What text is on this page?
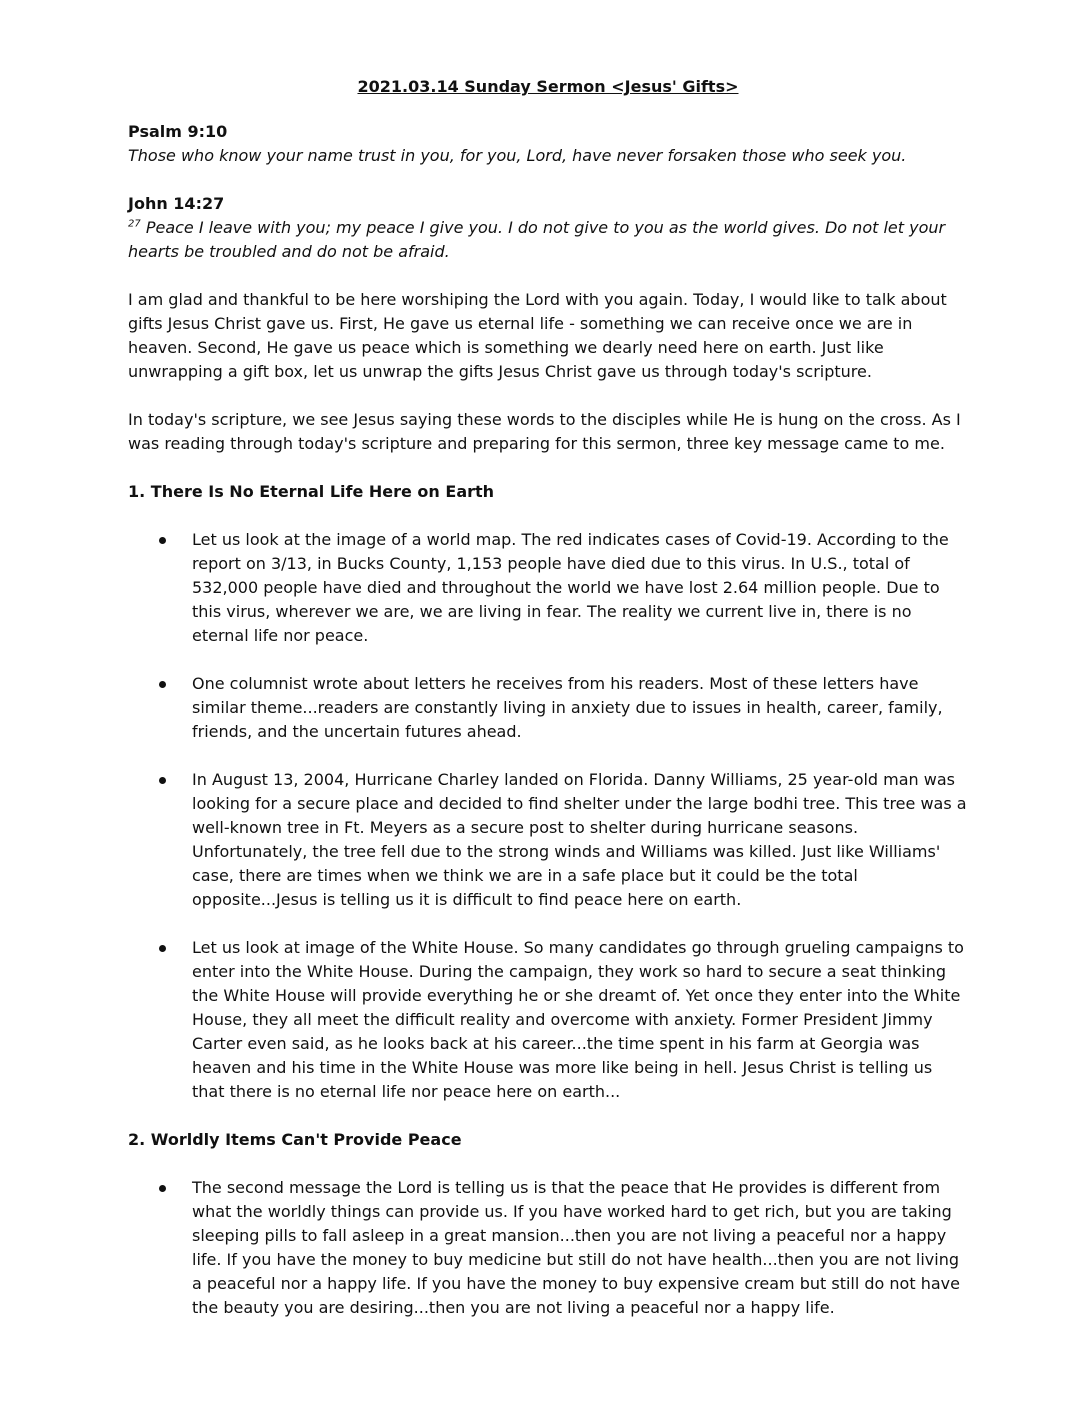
2021.03.14 Sunday Sermon <Jesus' Gifts>

Psalm 9:10

Those who know your name trust in you, for you, Lord, have never forsaken those who seek you.

John 14:27

$^{27}$ Peace I leave with you; my peace I give you. I do not give to you as the world gives. Do not let your hearts be troubled and do not be afraid.

I am glad and thankful to be here worshiping the Lord with you again. Today, I would like to talk about gifts Jesus Christ gave us. First, He gave us eternal life - something we can receive once we are in heaven. Second, He gave us peace which is something we dearly need here on earth. Just like unwrapping a gift box, let us unwrap the gifts Jesus Christ gave us through today's scripture.

In today's scripture, we see Jesus saying these words to the disciples while He is hung on the cross. As I was reading through today's scripture and preparing for this sermon, three key message came to me.

1. There Is No Eternal Life Here on Earth
Let us look at the image of a world map. The red indicates cases of Covid-19. According to the report on 3/13, in Bucks County, 1,153 people have died due to this virus. In U.S., total of 532,000 people have died and throughout the world we have lost 2.64 million people. Due to this virus, wherever we are, we are living in fear. The reality we current live in, there is no eternal life nor peace.
One columnist wrote about letters he receives from his readers. Most of these letters have similar theme...readers are constantly living in anxiety due to issues in health, career, family, friends, and the uncertain futures ahead.
In August 13, 2004, Hurricane Charley landed on Florida. Danny Williams, 25 year-old man was looking for a secure place and decided to find shelter under the large bodhi tree. This tree was a well-known tree in Ft. Meyers as a secure post to shelter during hurricane seasons. Unfortunately, the tree fell due to the strong winds and Williams was killed. Just like Williams' case, there are times when we think we are in a safe place but it could be the total opposite...Jesus is telling us it is difficult to find peace here on earth.
Let us look at image of the White House. So many candidates go through grueling campaigns to enter into the White House. During the campaign, they work so hard to secure a seat thinking the White House will provide everything he or she dreamt of. Yet once they enter into the White House, they all meet the difficult reality and overcome with anxiety. Former President Jimmy Carter even said, as he looks back at his career...the time spent in his farm at Georgia was heaven and his time in the White House was more like being in hell. Jesus Christ is telling us that there is no eternal life nor peace here on earth...
2. Worldly Items Can't Provide Peace
The second message the Lord is telling us is that the peace that He provides is different from what the worldly things can provide us. If you have worked hard to get rich, but you are taking sleeping pills to fall asleep in a great mansion...then you are not living a peaceful nor a happy life. If you have the money to buy medicine but still do not have health...then you are not living a peaceful nor a happy life. If you have the money to buy expensive cream but still do not have the beauty you are desiring...then you are not living a peaceful nor a happy life.
